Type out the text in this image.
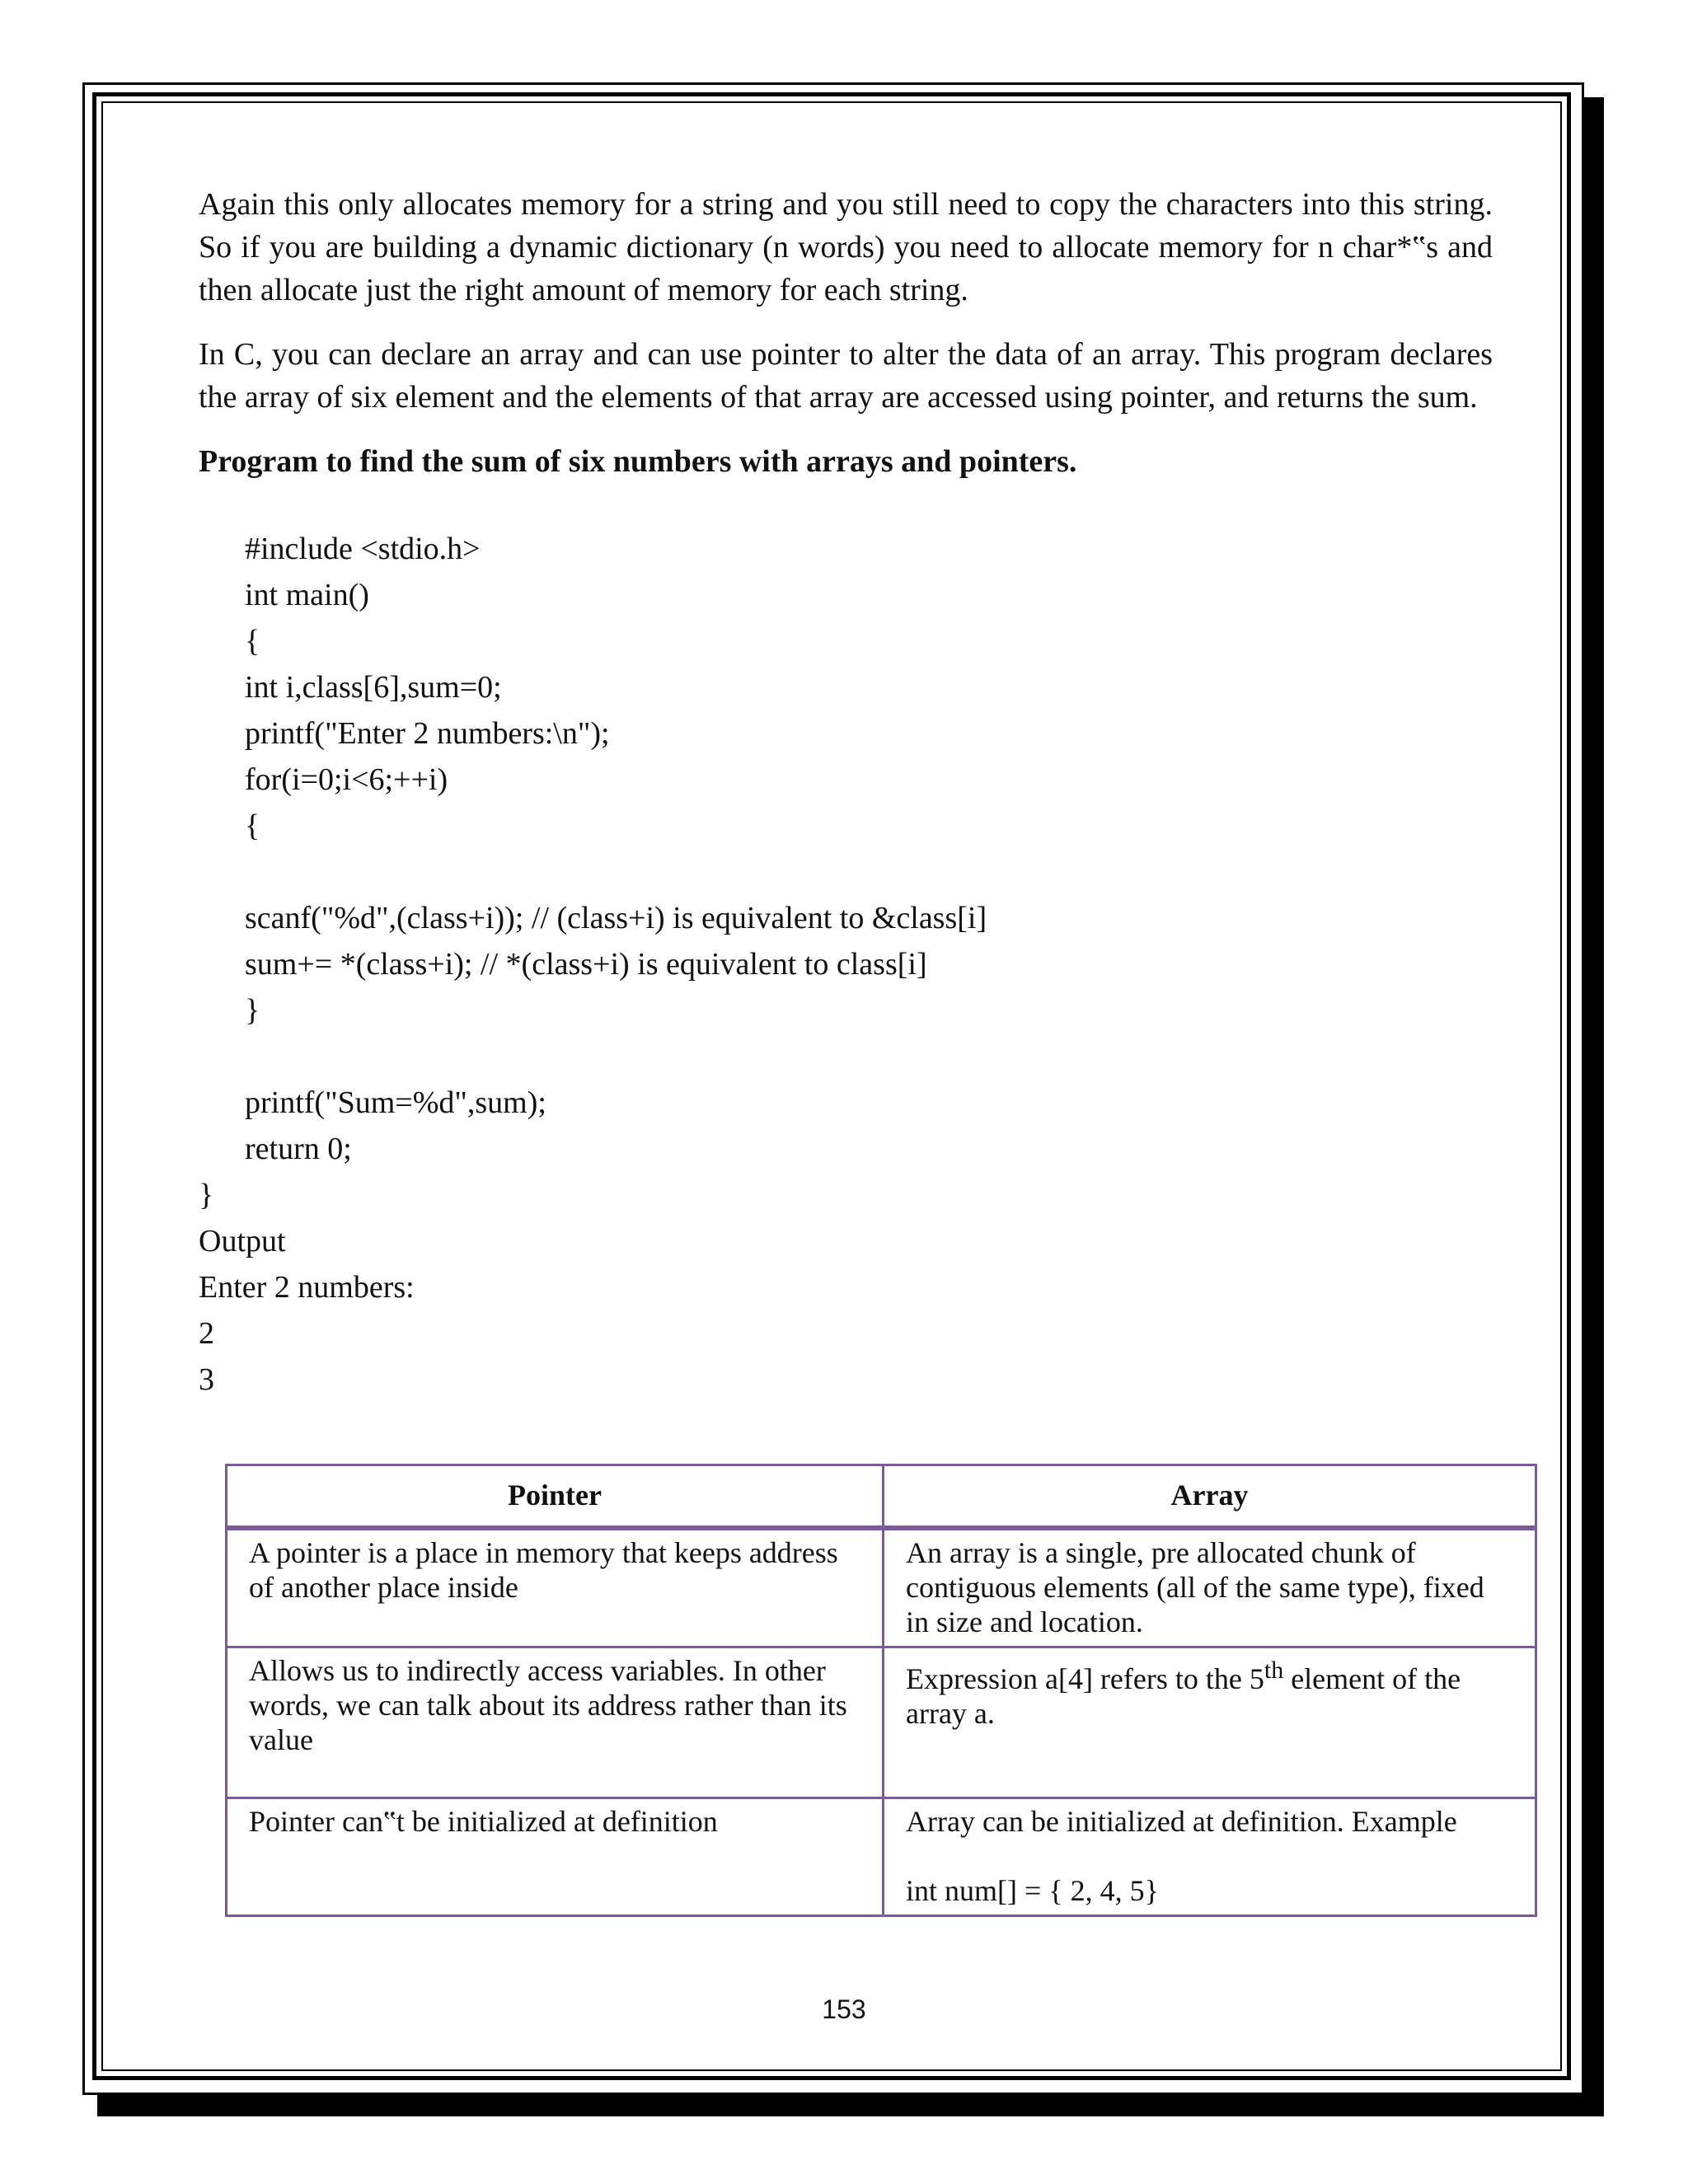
Again this only allocates memory for a string and you still need to copy the characters into this string. So if you are building a dynamic dictionary (n words) you need to allocate memory for n char*‟s and then allocate just the right amount of memory for each string.

In C, you can declare an array and can use pointer to alter the data of an array. This program declares the array of six element and the elements of that array are accessed using pointer, and returns the sum.

Program to find the sum of six numbers with arrays and pointers.

#include <stdio.h>
int main()
{
int i,class[6],sum=0;
printf("Enter 2 numbers:\n");
for(i=0;i<6;++i)
{
scanf("%d",(class+i)); // (class+i) is equivalent to &class[i]
sum+= *(class+i); // *(class+i) is equivalent to class[i]
}
printf("Sum=%d",sum);
return 0;
}
Output
Enter 2 numbers:
2
3
Pointer	Array
A pointer is a place in memory that keeps address of another place inside	An array is a single, pre allocated chunk of contiguous elements (all of the same type), fixed in size and location.
Allows us to indirectly access variables. In other words, we can talk about its address rather than its value	Expression a[4] refers to the 5th element of the array a.
Pointer can‟t be initialized at definition	Array can be initialized at definition. Example
int num[] = { 2, 4, 5}
153
